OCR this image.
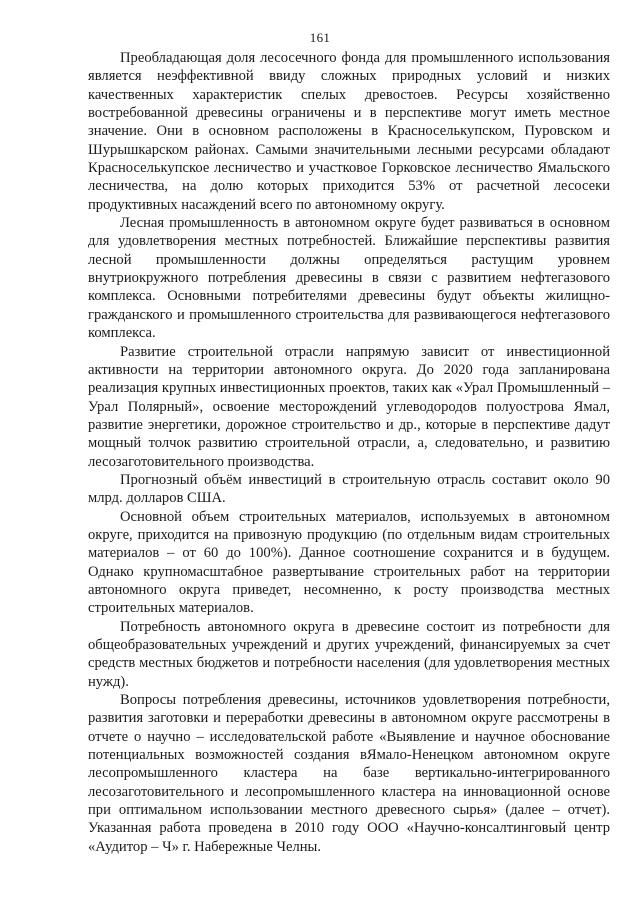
161

Преобладающая доля лесосечного фонда для промышленного использования является неэффективной ввиду сложных природных условий и низких качественных характеристик спелых древостоев. Ресурсы хозяйственно востребованной древесины ограничены и в перспективе могут иметь местное значение. Они в основном расположены в Красноселькупском, Пуровском и Шурышкарском районах. Самыми значительными лесными ресурсами обладают Красноселькупское лесничество и участковое Горковское лесничество Ямальского лесничества, на долю которых приходится 53% от расчетной лесосеки продуктивных насаждений всего по автономному округу.

Лесная промышленность в автономном округе будет развиваться в основном для удовлетворения местных потребностей. Ближайшие перспективы развития лесной промышленности должны определяться растущим уровнем внутриокружного потребления древесины в связи с развитием нефтегазового комплекса. Основными потребителями древесины будут объекты жилищно-гражданского и промышленного строительства для развивающегося нефтегазового комплекса.

Развитие строительной отрасли напрямую зависит от инвестиционной активности на территории автономного округа. До 2020 года запланирована реализация крупных инвестиционных проектов, таких как «Урал Промышленный – Урал Полярный», освоение месторождений углеводородов полуострова Ямал, развитие энергетики, дорожное строительство и др., которые в перспективе дадут мощный толчок развитию строительной отрасли, а, следовательно, и развитию лесозаготовительного производства.

Прогнозный объём инвестиций в строительную отрасль составит около 90 млрд. долларов США.

Основной объем строительных материалов, используемых в автономном округе, приходится на привозную продукцию (по отдельным видам строительных материалов – от 60 до 100%). Данное соотношение сохранится и в будущем. Однако крупномасштабное развертывание строительных работ на территории автономного округа приведет, несомненно, к росту производства местных строительных материалов.

Потребность автономного округа в древесине состоит из потребности для общеобразовательных учреждений и других учреждений, финансируемых за счет средств местных бюджетов и потребности населения (для удовлетворения местных нужд).

Вопросы потребления древесины, источников удовлетворения потребности, развития заготовки и переработки древесины в автономном округе рассмотрены в отчете о научно – исследовательской работе «Выявление и научное обоснование потенциальных возможностей создания вЯмало-Ненецком автономном округе лесопромышленного кластера на базе вертикально-интегрированного лесозаготовительного и лесопромышленного кластера на инновационной основе при оптимальном использовании местного древесного сырья» (далее – отчет). Указанная работа проведена в 2010 году ООО «Научно-консалтинговый центр «Аудитор – Ч» г. Набережные Челны.
